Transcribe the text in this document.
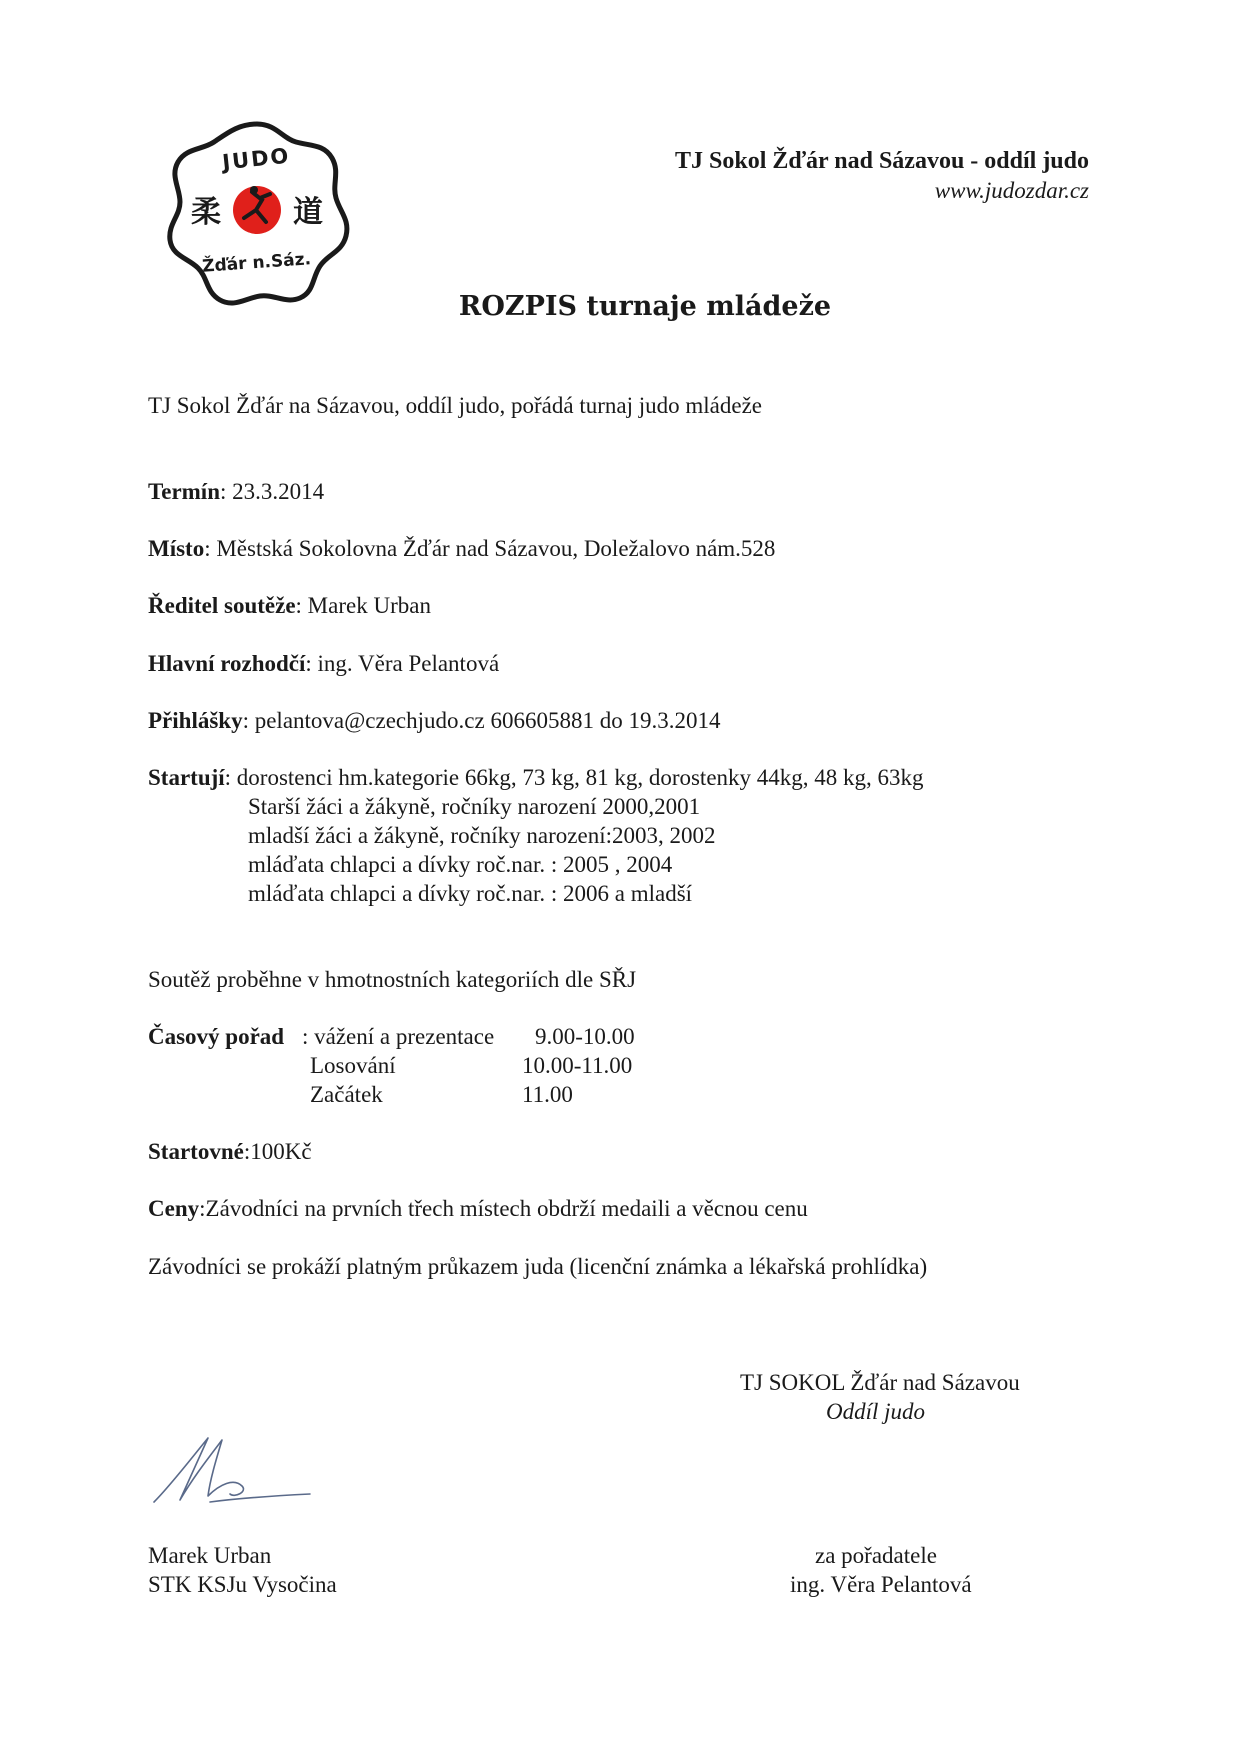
JUDO
柔 道
Žďár n.Sáz.
TJ Sokol Žďár nad Sázavou - oddíl judo
www.judozdar.cz
ROZPIS turnaje mládeže
TJ Sokol Žďár na Sázavou, oddíl judo, pořádá turnaj judo mládeže
Termín: 23.3.2014
Místo: Městská Sokolovna Žďár nad Sázavou, Doležalovo nám.528
Ředitel soutěže: Marek Urban
Hlavní rozhodčí: ing. Věra Pelantová
Přihlášky: pelantova@czechjudo.cz 606605881 do 19.3.2014
Startují: dorostenci hm.kategorie 66kg, 73 kg, 81 kg, dorostenky 44kg, 48 kg, 63kg
Starší žáci a žákyně, ročníky narození 2000,2001
mladší žáci a žákyně, ročníky narození:2003, 2002
mláďata chlapci a dívky roč.nar. : 2005 , 2004
mláďata chlapci a dívky roč.nar. : 2006 a mladší
Soutěž proběhne v hmotnostních kategoriích dle SŘJ
Časový pořad : vážení a prezentace 9.00-10.00
Losování	10.00-11.00
Začátek	11.00
Startovné:100Kč
Ceny:Závodníci na prvních třech místech obdrží medaili a věcnou cenu
Závodníci se prokáží platným průkazem juda (licenční známka a lékařská prohlídka)
TJ SOKOL Žďár nad Sázavou
Oddíl judo
Marek Urban
STK KSJu Vysočina
za pořadatele
ing. Věra Pelantová
